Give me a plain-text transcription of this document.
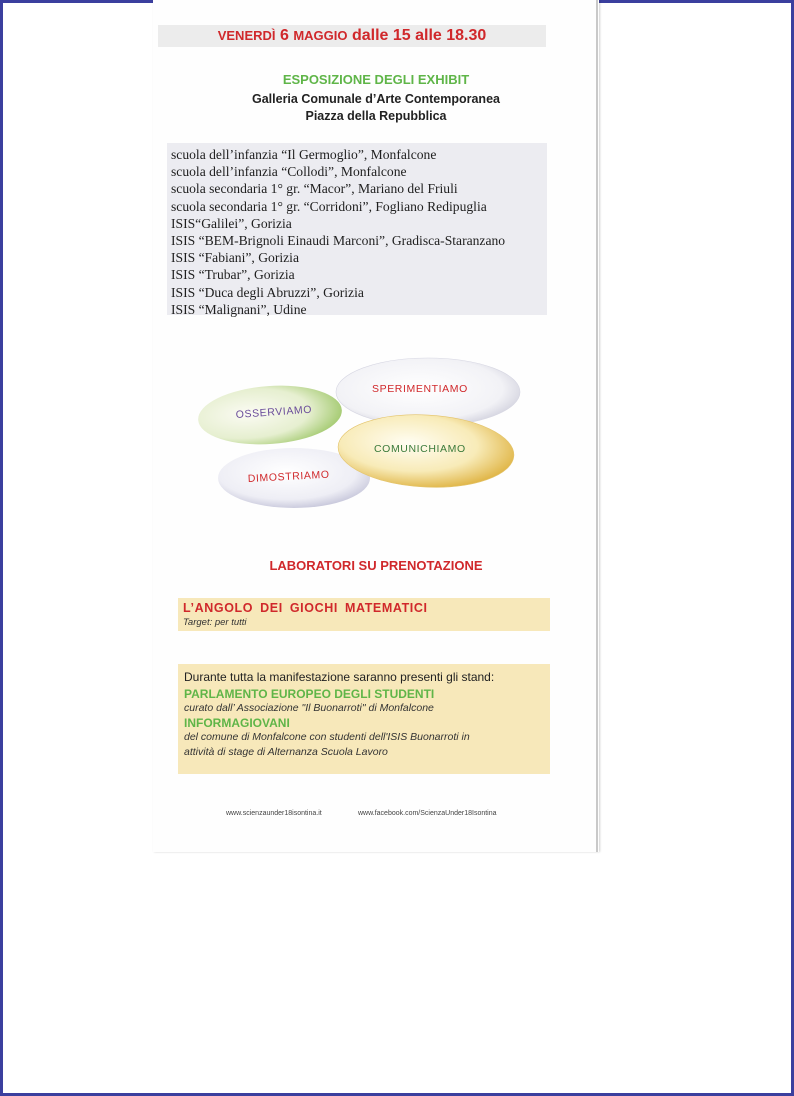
VENERDÌ 6 MAGGIO dalle 15 alle 18.30
ESPOSIZIONE DEGLI EXHIBIT
Galleria Comunale d’Arte Contemporanea
Piazza della Repubblica
scuola dell’infanzia “Il Germoglio”, Monfalcone
scuola dell’infanzia “Collodi”, Monfalcone
scuola secondaria 1° gr. “Macor”, Mariano del Friuli
scuola secondaria 1° gr. “Corridoni”, Fogliano Redipuglia
ISIS“Galilei”, Gorizia
ISIS “BEM-Brignoli Einaudi Marconi”, Gradisca-Staranzano
ISIS “Fabiani”, Gorizia
ISIS “Trubar”, Gorizia
ISIS “Duca degli Abruzzi”, Gorizia
ISIS “Malignani”, Udine
OSSERVIAMO
SPERIMENTIAMO
COMUNICHIAMO
DIMOSTRIAMO
LABORATORI SU PRENOTAZIONE
L’ANGOLO DEI GIOCHI MATEMATICI
Target: per tutti
Durante tutta la manifestazione saranno presenti gli stand:
PARLAMENTO EUROPEO DEGLI STUDENTI
curato dall’ Associazione "Il Buonarroti" di Monfalcone
INFORMAGIOVANI
del comune di Monfalcone con studenti dell'ISIS Buonarroti in
attività di stage di Alternanza Scuola Lavoro
www.scienzaunder18isontina.it	www.facebook.com/ScienzaUnder18Isontina
